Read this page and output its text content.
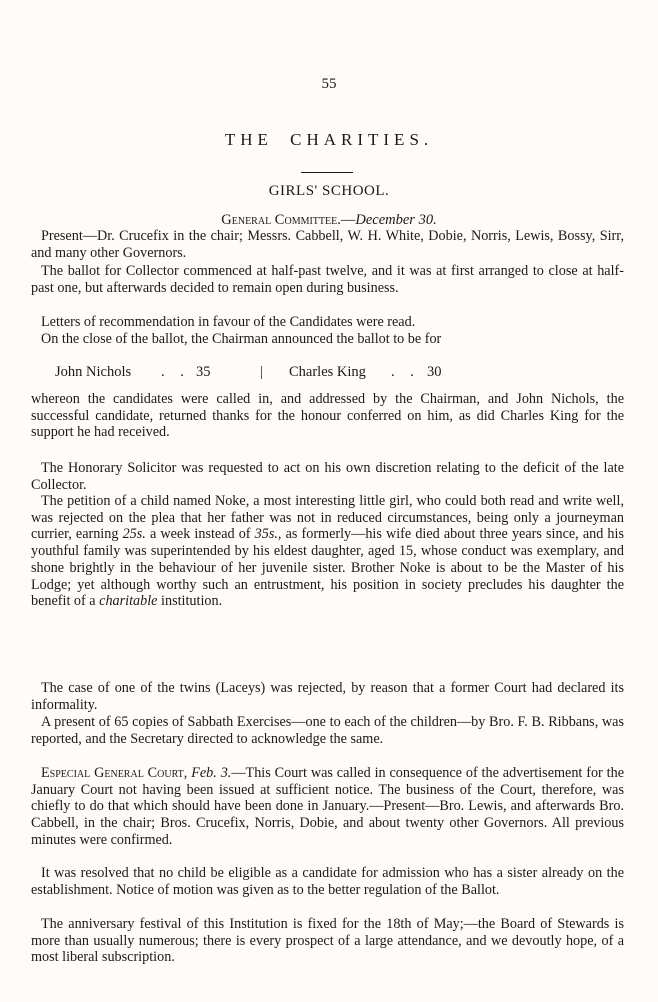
55
THE CHARITIES.
GIRLS' SCHOOL.
General Committee.—December 30.

Present—Dr. Crucefix in the chair; Messrs. Cabbell, W. H. White, Dobie, Norris, Lewis, Bossy, Sirr, and many other Governors.

The ballot for Collector commenced at half-past twelve, and it was at first arranged to close at half-past one, but afterwards decided to remain open during business.

Letters of recommendation in favour of the Candidates were read.

On the close of the ballot, the Chairman announced the ballot to be for

John Nichols . . 35	| Charles King . . 30

whereon the candidates were called in, and addressed by the Chairman, and John Nichols, the successful candidate, returned thanks for the honour conferred on him, as did Charles King for the support he had received.

The Honorary Solicitor was requested to act on his own discretion relating to the deficit of the late Collector.

The petition of a child named Noke, a most interesting little girl, who could both read and write well, was rejected on the plea that her father was not in reduced circumstances, being only a journeyman currier, earning 25s. a week instead of 35s., as formerly—his wife died about three years since, and his youthful family was superintended by his eldest daughter, aged 15, whose conduct was exemplary, and shone brightly in the behaviour of her juvenile sister. Brother Noke is about to be the Master of his Lodge; yet although worthy such an entrustment, his position in society precludes his daughter the benefit of a charitable institution.

The case of one of the twins (Laceys) was rejected, by reason that a former Court had declared its informality.

A present of 65 copies of Sabbath Exercises—one to each of the children—by Bro. F. B. Ribbans, was reported, and the Secretary directed to acknowledge the same.

Especial General Court, Feb. 3.—This Court was called in consequence of the advertisement for the January Court not having been issued at sufficient notice. The business of the Court, therefore, was chiefly to do that which should have been done in January.—Present—Bro. Lewis, and afterwards Bro. Cabbell, in the chair; Bros. Crucefix, Norris, Dobie, and about twenty other Governors. All previous minutes were confirmed.

It was resolved that no child be eligible as a candidate for admission who has a sister already on the establishment. Notice of motion was given as to the better regulation of the Ballot.

The anniversary festival of this Institution is fixed for the 18th of May;—the Board of Stewards is more than usually numerous; there is every prospect of a large attendance, and we devoutly hope, of a most liberal subscription.
